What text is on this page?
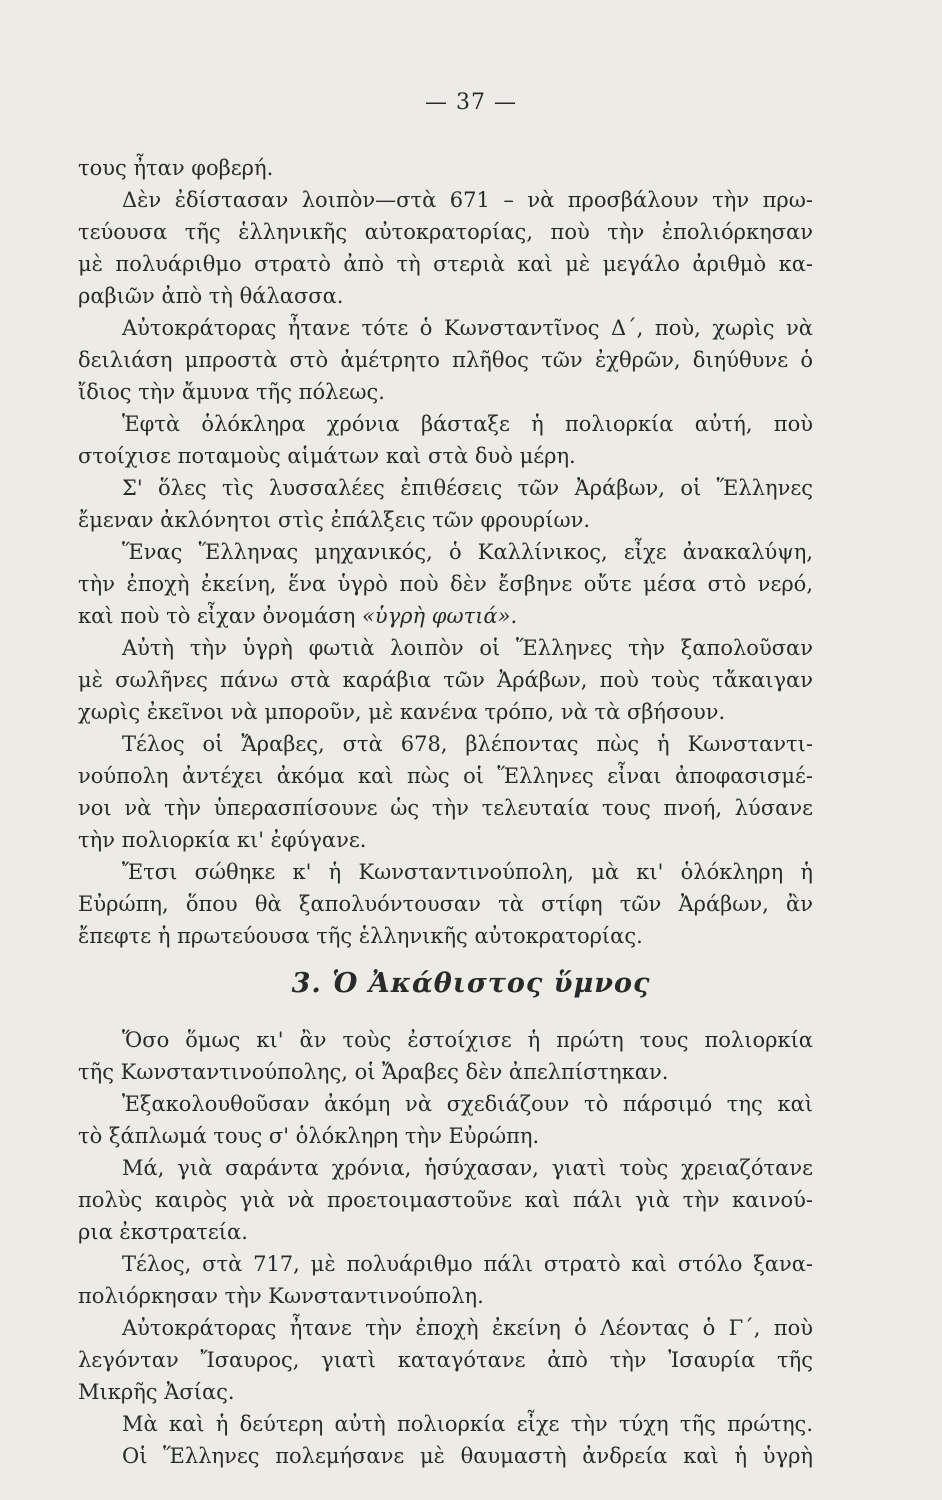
— 37 —
τους ἦταν φοβερή.
Δὲν ἐδίστασαν λοιπὸν—στὰ 671 – νὰ προσβάλουν τὴν πρω-
τεύουσα τῆς ἑλληνικῆς αὐτοκρατορίας, ποὺ τὴν ἐπολιόρκησαν
μὲ πολυάριθμο στρατὸ ἀπὸ τὴ στεριὰ καὶ μὲ μεγάλο ἀριθμὸ κα-
ραβιῶν ἀπὸ τὴ θάλασσα.
Αὐτοκράτορας ἦτανε τότε ὁ Κωνσταντῖνος Δ΄, ποὺ, χωρὶς νὰ
δειλιάση μπροστὰ στὸ ἀμέτρητο πλῆθος τῶν ἐχθρῶν, διηύθυνε ὁ
ἴδιος τὴν ἄμυνα τῆς πόλεως.
Ἑφτὰ ὁλόκληρα χρόνια βάσταξε ἡ πολιορκία αὐτή, ποὺ
στοίχισε ποταμοὺς αἱμάτων καὶ στὰ δυὸ μέρη.
Σ' ὅλες τὶς λυσσαλέες ἐπιθέσεις τῶν Ἀράβων, οἱ Ἕλληνες
ἔμεναν ἀκλόνητοι στὶς ἐπάλξεις τῶν φρουρίων.
Ἕνας Ἕλληνας μηχανικός, ὁ Καλλίνικος, εἶχε ἀνακαλύψη,
τὴν ἐποχὴ ἐκείνη, ἕνα ὑγρὸ ποὺ δὲν ἔσβηνε οὔτε μέσα στὸ νερό,
καὶ ποὺ τὸ εἶχαν ὀνομάση «ὑγρὴ φωτιά».
Αὐτὴ τὴν ὑγρὴ φωτιὰ λοιπὸν οἱ Ἕλληνες τὴν ξαπολοῦσαν
μὲ σωλῆνες πάνω στὰ καράβια τῶν Ἀράβων, ποὺ τοὺς τἄκαιγαν
χωρὶς ἐκεῖνοι νὰ μποροῦν, μὲ κανένα τρόπο, νὰ τὰ σβήσουν.
Τέλος οἱ Ἄραβες, στὰ 678, βλέποντας πὼς ἡ Κωνσταντι-
νούπολη ἀντέχει ἀκόμα καὶ πὼς οἱ Ἕλληνες εἶναι ἀποφασισμέ-
νοι νὰ τὴν ὑπερασπίσουνε ὡς τὴν τελευταία τους πνοή, λύσανε
τὴν πολιορκία κι' ἐφύγανε.
Ἔτσι σώθηκε κ' ἡ Κωνσταντινούπολη, μὰ κι' ὁλόκληρη ἡ
Εὐρώπη, ὅπου θὰ ξαπολυόντουσαν τὰ στίφη τῶν Ἀράβων, ἂν
ἔπεφτε ἡ πρωτεύουσα τῆς ἑλληνικῆς αὐτοκρατορίας.
3. Ὁ Ἀκάθιστος ὕμνος
Ὅσο ὅμως κι' ἂν τοὺς ἐστοίχισε ἡ πρώτη τους πολιορκία
τῆς Κωνσταντινούπολης, οἱ Ἄραβες δὲν ἀπελπίστηκαν.
Ἐξακολουθοῦσαν ἀκόμη νὰ σχεδιάζουν τὸ πάρσιμό της καὶ
τὸ ξάπλωμά τους σ' ὁλόκληρη τὴν Εὐρώπη.
Μά, γιὰ σαράντα χρόνια, ἡσύχασαν, γιατὶ τοὺς χρειαζότανε
πολὺς καιρὸς γιὰ νὰ προετοιμαστοῦνε καὶ πάλι γιὰ τὴν καινού-
ρια ἐκστρατεία.
Τέλος, στὰ 717, μὲ πολυάριθμο πάλι στρατὸ καὶ στόλο ξανα-
πολιόρκησαν τὴν Κωνσταντινούπολη.
Αὐτοκράτορας ἦτανε τὴν ἐποχὴ ἐκείνη ὁ Λέοντας ὁ Γ΄, ποὺ
λεγόνταν Ἴσαυρος, γιατὶ καταγότανε ἀπὸ τὴν Ἰσαυρία τῆς
Μικρῆς Ἀσίας.
Μὰ καὶ ἡ δεύτερη αὐτὴ πολιορκία εἶχε τὴν τύχη τῆς πρώτης.
Οἱ Ἕλληνες πολεμήσανε μὲ θαυμαστὴ ἀνδρεία καὶ ἡ ὑγρὴ
